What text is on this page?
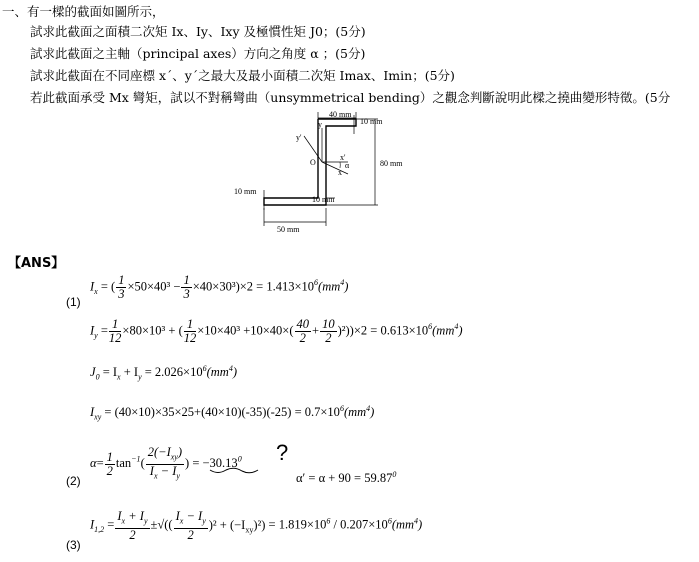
一、有一樑的截面如圖所示，
試求此截面之面積二次矩 Ix、Iy、Ixy 及極慣性矩 J0；(5分)
試求此截面之主軸（principal axes）方向之角度 α ；(5分)
試求此截面在不同座標 x´、y´之最大及最小面積二次矩 Imax、Imin；(5分)
若此截面承受 Mx 彎矩，試以不對稱彎曲（unsymmetrical bending）之觀念判斷說明此樑之撓曲變形特徵。(5分
40 mm
10 mm
80 mm
10 mm
10 mm
50 mm
O
x
y
x'
y'
α
【ANS】
(1)
$I_x$ = ( $\frac{1}{3} \times 50\times 40^3 - \frac{1}{3} \times 40\times 30^3)\times 2 = 1.413\times 10^6(mm^4)$
$I_y = \frac{1}{12} \times 80\times 10^3$ + ( $\frac{1}{12} \times 10\times 40^3 +10\times 40\times( \frac{40}{2} + \frac{10}{2} )^2))\times 2 = 0.613\times 10^6(mm^4)$
$J_0 = I_x + I_y = 2.026\times 10^6(mm^4)$
$I_{xy} = (40\times 10)\times 35\times 25+(40\times 10)(-35)(-25) = 0.7\times 10^6(mm^4)$
(2)
$\alpha= \frac{1}{2} \tan^{-1}( \frac{2(-I_{xy})}{I_x - I_y}$ ) = $-30.13^0$ ?
$\alpha' = \alpha + 90 = 59.87^0$
(3)
$I_{1,2} = \frac{I_x + I_y}{2}$ ±√(( $\frac{I_x - I_y}{2} )^2 + (-I_{xy})^2) = 1.819\times 10^6 / 0.207\times 10^6(mm^4)$
